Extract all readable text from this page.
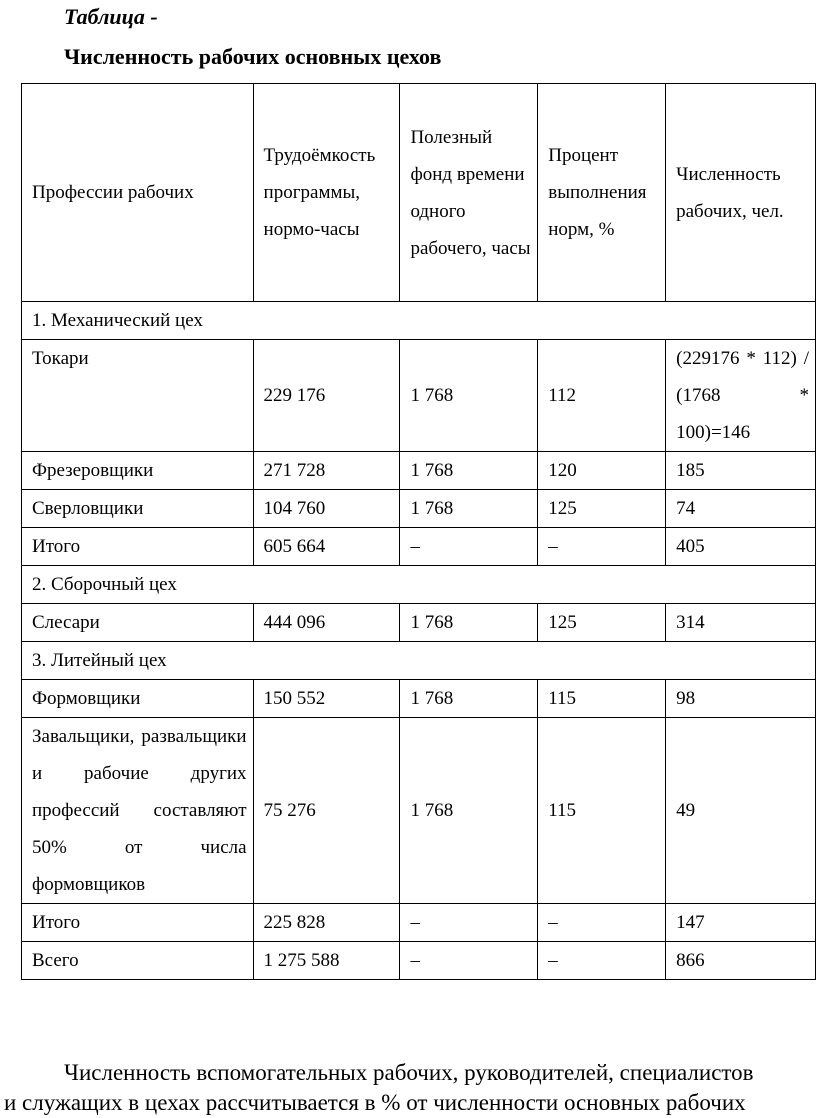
Таблица -
Численность рабочих основных цехов
Профессии рабочих	Трудоёмкость программы, нормо-часы	Полезный фонд времени одного рабочего, часы	Процент выполнения норм, %	Численность рабочих, чел.
1. Механический цех				
Токари	229 176	1 768	112	(229176 * 112) / (1768 * 100)=146
Фрезеровщики	271 728	1 768	120	185
Сверловщики	104 760	1 768	125	74
Итого	605 664	–	–	405
2. Сборочный цех				
Слесари	444 096	1 768	125	314
3. Литейный цех				
Формовщики	150 552	1 768	115	98
Завальщики, развальщики и рабочие других профессий составляют 50% от числа формовщиков	75 276	1 768	115	49
Итого	225 828	–	–	147
Всего	1 275 588	–	–	866
Численность вспомогательных рабочих, руководителей, специалистов
и служащих в цехах рассчитывается в % от численности основных рабочих
